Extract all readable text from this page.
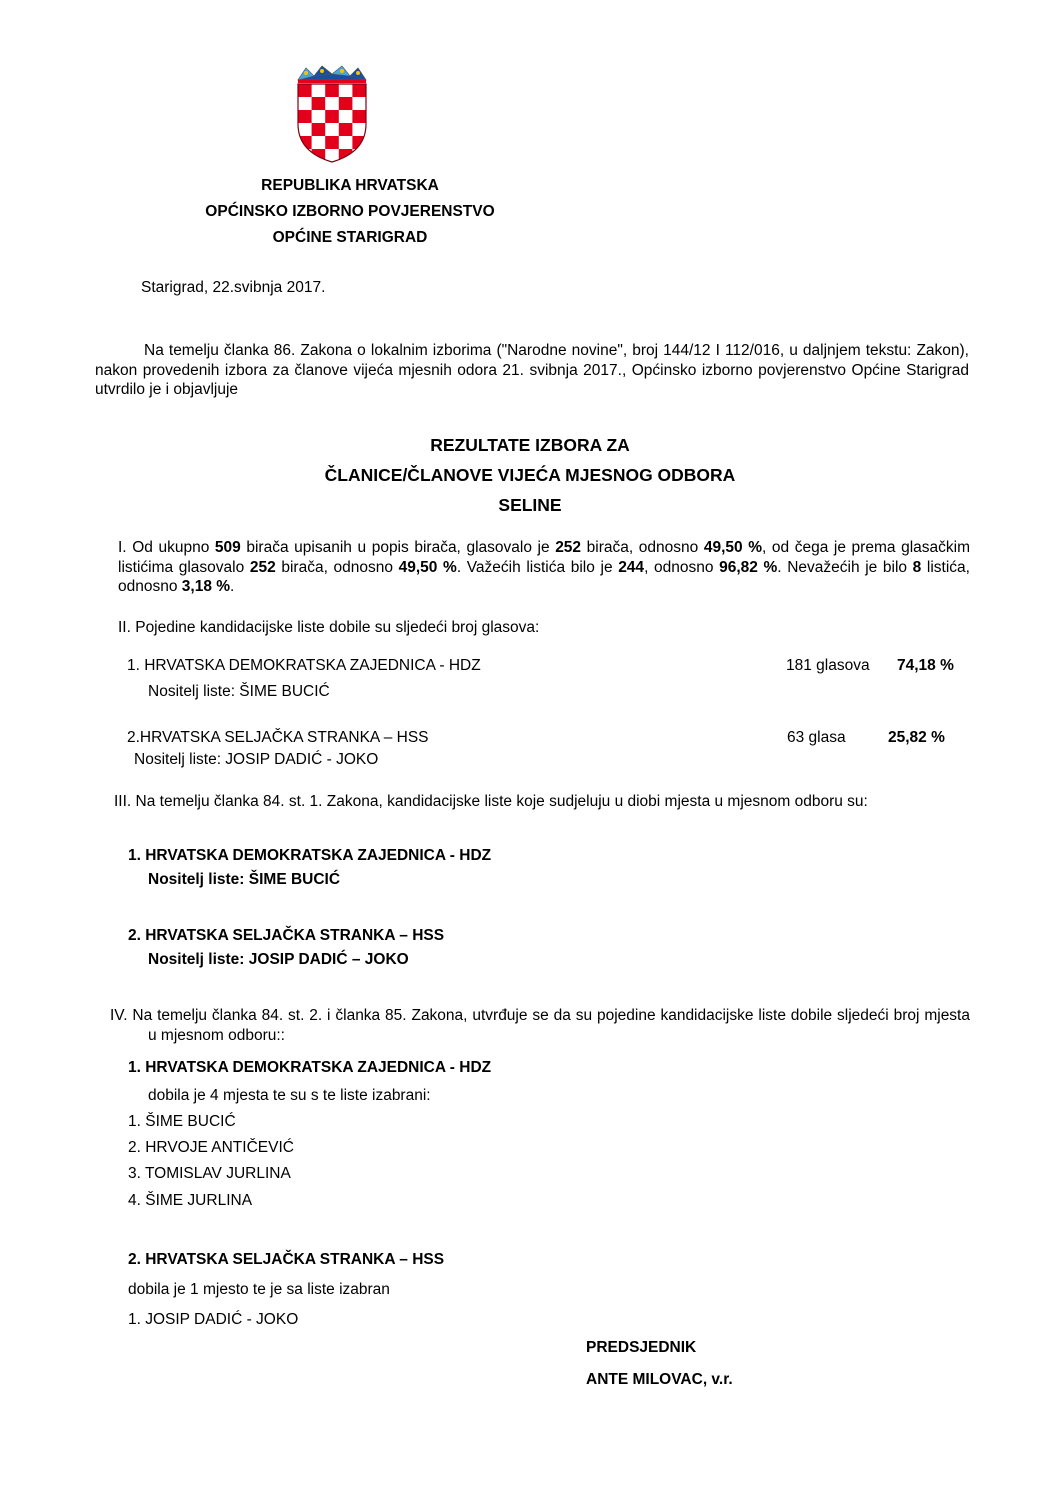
REPUBLIKA HRVATSKA
OPĆINSKO IZBORNO POVJERENSTVO
OPĆINE STARIGRAD
Starigrad, 22.svibnja 2017.
Na temelju članka 86. Zakona o lokalnim izborima ("Narodne novine", broj 144/12 I 112/016, u daljnjem tekstu: Zakon), nakon provedenih izbora za članove vijeća mjesnih odora 21. svibnja 2017., Općinsko izborno povjerenstvo Općine Starigrad utvrdilo je i objavljuje
REZULTATE IZBORA ZA
ČLANICE/ČLANOVE VIJEĆA MJESNOG ODBORA
SELINE
I. Od ukupno 509 birača upisanih u popis birača, glasovalo je 252 birača, odnosno 49,50 %, od čega je prema glasačkim listićima glasovalo 252 birača, odnosno 49,50 %. Važećih listića bilo je 244, odnosno 96,82 %. Nevažećih je bilo 8 listića, odnosno 3,18 %.
II. Pojedine kandidacijske liste dobile su sljedeći broj glasova:
1. HRVATSKA DEMOKRATSKA ZAJEDNICA - HDZ
Nositelj liste: ŠIME BUCIĆ
181 glasova 74,18 %
2.HRVATSKA SELJAČKA STRANKA – HSS
Nositelj liste: JOSIP DADIĆ - JOKO
63 glasa	25,82 %
III. Na temelju članka 84. st. 1. Zakona, kandidacijske liste koje sudjeluju u diobi mjesta u mjesnom odboru su:
1. HRVATSKA DEMOKRATSKA ZAJEDNICA - HDZ
Nositelj liste: ŠIME BUCIĆ
2. HRVATSKA SELJAČKA STRANKA – HSS
Nositelj liste: JOSIP DADIĆ – JOKO
IV. Na temelju članka 84. st. 2. i članka 85. Zakona, utvrđuje se da su pojedine kandidacijske liste dobile sljedeći broj mjesta u mjesnom odboru::
1. HRVATSKA DEMOKRATSKA ZAJEDNICA - HDZ
dobila je 4 mjesta te su s te liste izabrani:
1. ŠIME BUCIĆ
2. HRVOJE ANTIČEVIĆ
3. TOMISLAV JURLINA
4. ŠIME JURLINA
2. HRVATSKA SELJAČKA STRANKA – HSS
dobila je 1 mjesto te je sa liste izabran
1. JOSIP DADIĆ - JOKO
PREDSJEDNIK
ANTE MILOVAC, v.r.
